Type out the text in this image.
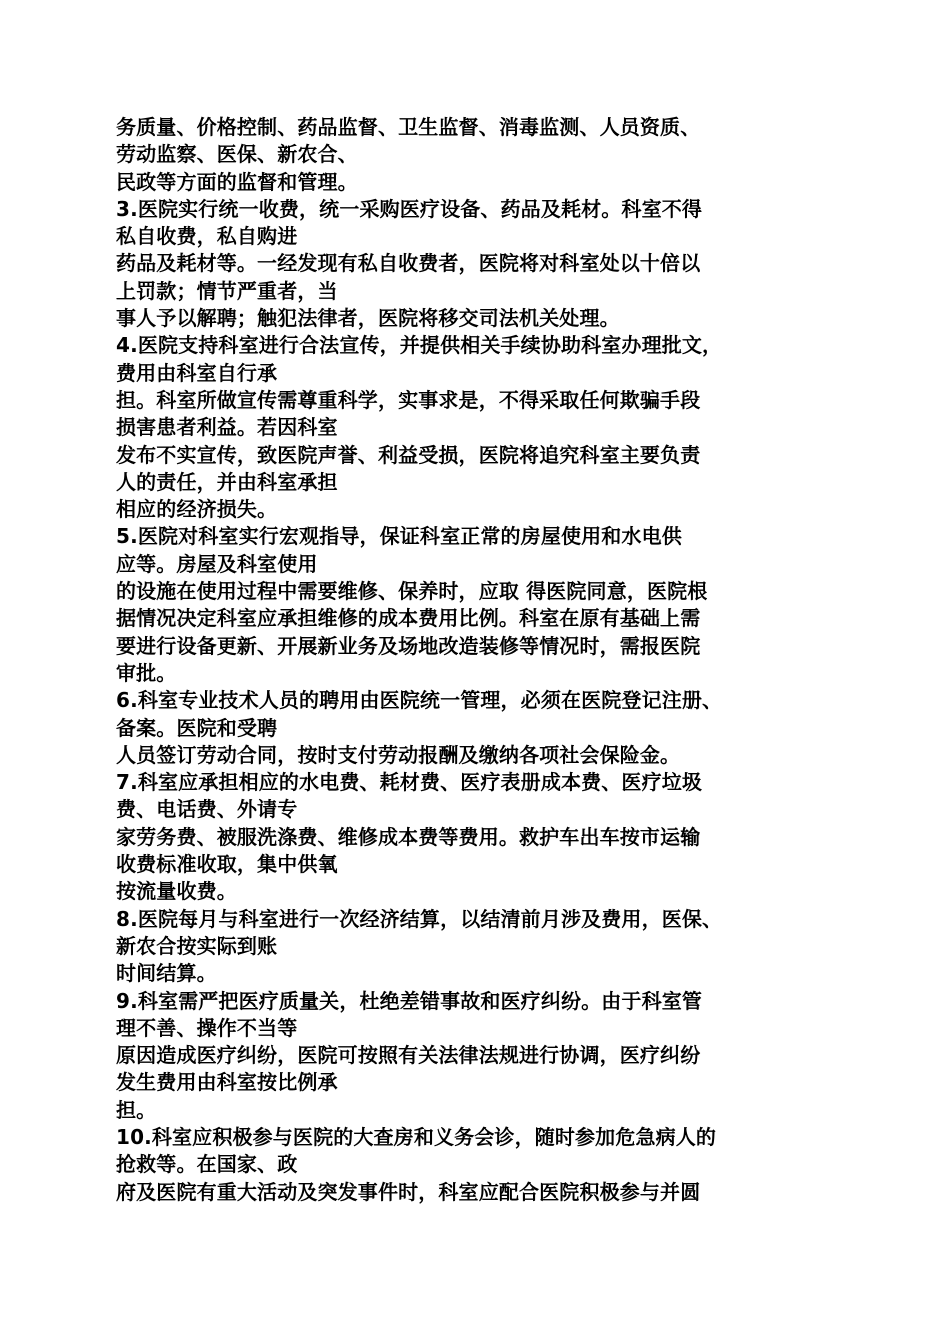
务质量、价格控制、药品监督、卫生监督、消毒监测、人员资质、
劳动监察、医保、新农合、
民政等方面的监督和管理。
3.医院实行统一收费，统一采购医疗设备、药品及耗材。科室不得
私自收费，私自购进
药品及耗材等。一经发现有私自收费者，医院将对科室处以十倍以
上罚款；情节严重者，当
事人予以解聘；触犯法律者，医院将移交司法机关处理。
4.医院支持科室进行合法宣传，并提供相关手续协助科室办理批文，
费用由科室自行承
担。科室所做宣传需尊重科学，实事求是，不得采取任何欺骗手段
损害患者利益。若因科室
发布不实宣传，致医院声誉、利益受损，医院将追究科室主要负责
人的责任，并由科室承担
相应的经济损失。
5.医院对科室实行宏观指导，保证科室正常的房屋使用和水电供
应等。房屋及科室使用
的设施在使用过程中需要维修、保养时，应取 得医院同意，医院根
据情况决定科室应承担维修的成本费用比例。科室在原有基础上需
要进行设备更新、开展新业务及场地改造装修等情况时，需报医院
审批。
6.科室专业技术人员的聘用由医院统一管理，必须在医院登记注册、
备案。医院和受聘
人员签订劳动合同，按时支付劳动报酬及缴纳各项社会保险金。
7.科室应承担相应的水电费、耗材费、医疗表册成本费、医疗垃圾
费、电话费、外请专
家劳务费、被服洗涤费、维修成本费等费用。救护车出车按市运输
收费标准收取，集中供氧
按流量收费。
8.医院每月与科室进行一次经济结算，以结清前月涉及费用，医保、
新农合按实际到账
时间结算。
9.科室需严把医疗质量关，杜绝差错事故和医疗纠纷。由于科室管
理不善、操作不当等
原因造成医疗纠纷，医院可按照有关法律法规进行协调，医疗纠纷
发生费用由科室按比例承
担。
10.科室应积极参与医院的大查房和义务会诊，随时参加危急病人的
抢救等。在国家、政
府及医院有重大活动及突发事件时，科室应配合医院积极参与并圆
